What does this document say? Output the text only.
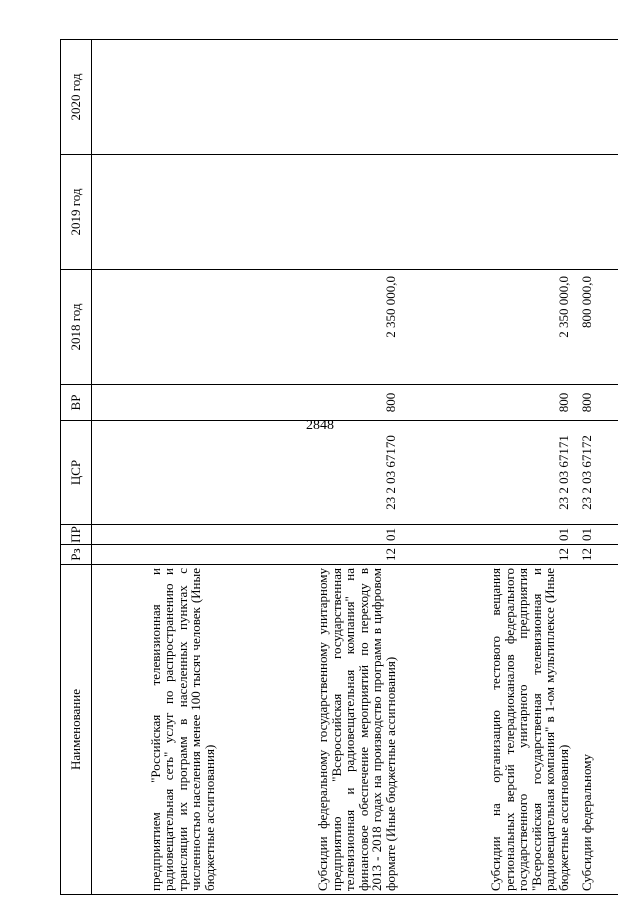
2848
Наименование	Рз	ПР	ЦСР	ВР	2018 год	2019 год	2020 год
предприятием "Российская телевизионная и радиовещательная сеть" услуг по распространению и трансляции их программ в населенных пунктах с численностью населения менее 100 тысяч человек (Иные бюджетные ассигнования)							
Субсидии федеральному государственному унитарному предприятию "Всероссийская государственная телевизионная и радиовещательная компания" на финансовое обеспечение мероприятий по переходу в 2013 - 2018 годах на производство программ в цифровом формате (Иные бюджетные ассигнования)	12	01	23 2 03 67170	800	2 350 000,0		
Субсидии на организацию тестового вещания региональных версий телерадиоканалов федерального государственного унитарного предприятия "Всероссийская государственная телевизионная и радиовещательная компания" в 1-ом мультиплексе (Иные бюджетные ассигнования)	12	01	23 2 03 67171	800	2 350 000,0		
Субсидии федеральному	12	01	23 2 03 67172	800	800 000,0		
